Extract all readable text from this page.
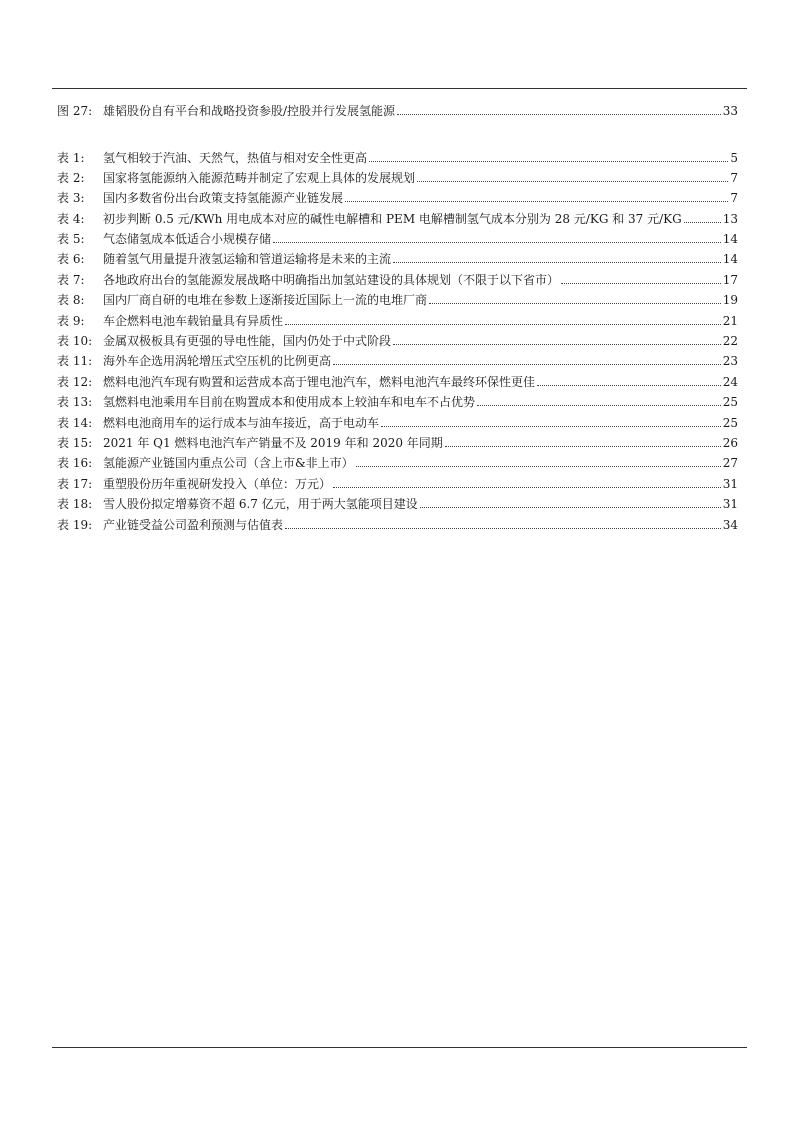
图 27: 雄韬股份自有平台和战略投资参股/控股并行发展氢能源	33
表 1:	氢气相较于汽油、天然气，热值与相对安全性更高	5
表 2:	国家将氢能源纳入能源范畴并制定了宏观上具体的发展规划	7
表 3:	国内多数省份出台政策支持氢能源产业链发展	7
表 4:	初步判断 0.5 元/KWh 用电成本对应的碱性电解槽和 PEM 电解槽制氢气成本分别为 28 元/KG 和 37 元/KG	13
表 5:	气态储氢成本低适合小规模存储	14
表 6:	随着氢气用量提升液氢运输和管道运输将是未来的主流	14
表 7:	各地政府出台的氢能源发展战略中明确指出加氢站建设的具体规划（不限于以下省市）	17
表 8:	国内厂商自研的电堆在参数上逐渐接近国际上一流的电堆厂商	19
表 9:	车企燃料电池车载铂量具有异质性	21
表 10: 金属双极板具有更强的导电性能，国内仍处于中式阶段	22
表 11: 海外车企选用涡轮增压式空压机的比例更高	23
表 12: 燃料电池汽车现有购置和运营成本高于锂电池汽车，燃料电池汽车最终环保性更佳	24
表 13: 氢燃料电池乘用车目前在购置成本和使用成本上较油车和电车不占优势	25
表 14: 燃料电池商用车的运行成本与油车接近，高于电动车	25
表 15: 2021 年 Q1 燃料电池汽车产销量不及 2019 年和 2020 年同期	26
表 16: 氢能源产业链国内重点公司（含上市&非上市）	27
表 17: 重塑股份历年重视研发投入（单位：万元）	31
表 18: 雪人股份拟定增募资不超 6.7 亿元，用于两大氢能项目建设	31
表 19: 产业链受益公司盈利预测与估值表	34
